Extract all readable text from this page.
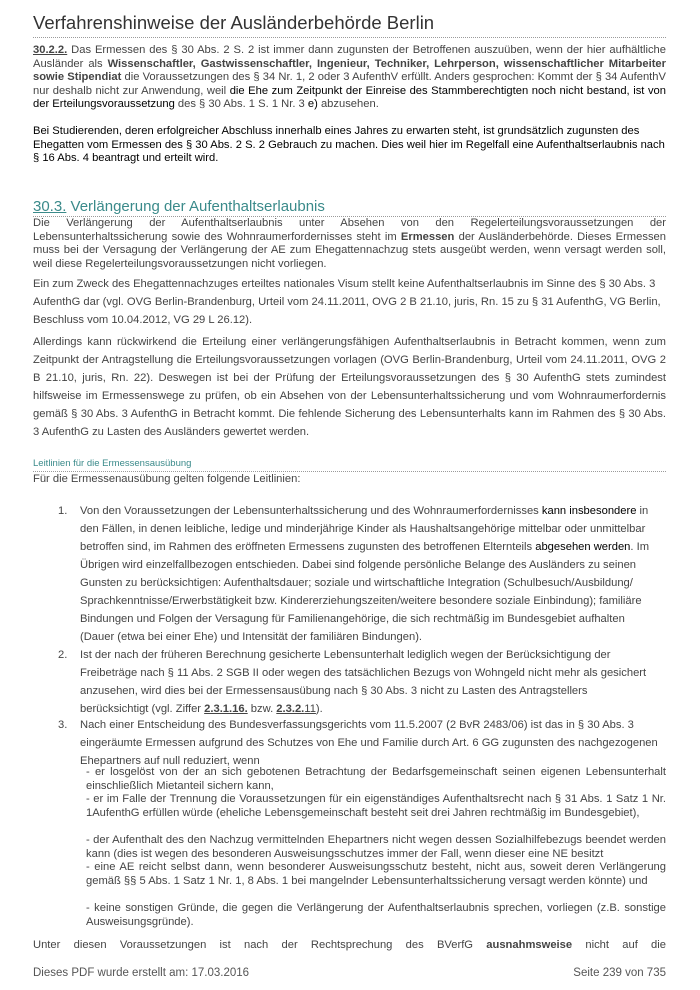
Verfahrenshinweise der Ausländerbehörde Berlin

30.2.2. Das Ermessen des § 30 Abs. 2 S. 2 ist immer dann zugunsten der Betroffenen auszuüben, wenn der hier aufhältliche Ausländer als Wissenschaftler, Gastwissenschaftler, Ingenieur, Techniker, Lehrperson, wissenschaftlicher Mitarbeiter sowie Stipendiat die Voraussetzungen des § 34 Nr. 1, 2 oder 3 AufenthV erfüllt. Anders gesprochen: Kommt der § 34 AufenthV nur deshalb nicht zur Anwendung, weil die Ehe zum Zeitpunkt der Einreise des Stammberechtigten noch nicht bestand, ist von der Erteilungsvoraussetzung des § 30 Abs. 1 S. 1 Nr. 3 e) abzusehen.

Bei Studierenden, deren erfolgreicher Abschluss innerhalb eines Jahres zu erwarten steht, ist grundsätzlich zugunsten des Ehegatten vom Ermessen des § 30 Abs. 2 S. 2 Gebrauch zu machen. Dies weil hier im Regelfall eine Aufenthaltserlaubnis nach § 16 Abs. 4 beantragt und erteilt wird.

30.3. Verlängerung der Aufenthaltserlaubnis

Die Verlängerung der Aufenthaltserlaubnis unter Absehen von den Regelerteilungsvoraussetzungen der Lebensunterhaltssicherung sowie des Wohnraumerfordernisses steht im Ermessen der Ausländerbehörde. Dieses Ermessen muss bei der Versagung der Verlängerung der AE zum Ehegattennachzug stets ausgeübt werden, wenn versagt werden soll, weil diese Regelerteilungsvoraussetzungen nicht vorliegen.

Ein zum Zweck des Ehegattennachzuges erteiltes nationales Visum stellt keine Aufenthaltserlaubnis im Sinne des § 30 Abs. 3 AufenthG dar (vgl. OVG Berlin-Brandenburg, Urteil vom 24.11.2011, OVG 2 B 21.10, juris, Rn. 15 zu § 31 AufenthG, VG Berlin, Beschluss vom 10.04.2012, VG 29 L 26.12).

Allerdings kann rückwirkend die Erteilung einer verlängerungsfähigen Aufenthaltserlaubnis in Betracht kommen, wenn zum Zeitpunkt der Antragstellung die Erteilungsvoraussetzungen vorlagen (OVG Berlin-Brandenburg, Urteil vom 24.11.2011, OVG 2 B 21.10, juris, Rn. 22). Deswegen ist bei der Prüfung der Erteilungsvoraussetzungen des § 30 AufenthG stets zumindest hilfsweise im Ermessenswege zu prüfen, ob ein Absehen von der Lebensunterhaltssicherung und vom Wohnraumerfordernis gemäß § 30 Abs. 3 AufenthG in Betracht kommt. Die fehlende Sicherung des Lebensunterhalts kann im Rahmen des § 30 Abs. 3 AufenthG zu Lasten des Ausländers gewertet werden.

Leitlinien für die Ermessensausübung

Für die Ermessenausübung gelten folgende Leitlinien:

1. Von den Voraussetzungen der Lebensunterhaltssicherung und des Wohnraumerfordernisses kann insbesondere in den Fällen, in denen leibliche, ledige und minderjährige Kinder als Haushaltsangehörige mittelbar oder unmittelbar betroffen sind, im Rahmen des eröffneten Ermessens zugunsten des betroffenen Elternteils abgesehen werden. Im Übrigen wird einzelfallbezogen entschieden. Dabei sind folgende persönliche Belange des Ausländers zu seinen Gunsten zu berücksichtigen: Aufenthaltsdauer; soziale und wirtschaftliche Integration (Schulbesuch/Ausbildung/ Sprachkenntnisse/Erwerbstätigkeit bzw. Kindererziehungszeiten/weitere besondere soziale Einbindung); familiäre Bindungen und Folgen der Versagung für Familienangehörige, die sich rechtmäßig im Bundesgebiet aufhalten (Dauer (etwa bei einer Ehe) und Intensität der familiären Bindungen).

2. Ist der nach der früheren Berechnung gesicherte Lebensunterhalt lediglich wegen der Berücksichtigung der Freibeträge nach § 11 Abs. 2 SGB II oder wegen des tatsächlichen Bezugs von Wohngeld nicht mehr als gesichert anzusehen, wird dies bei der Ermessensausübung nach § 30 Abs. 3 nicht zu Lasten des Antragstellers berücksichtigt (vgl. Ziffer 2.3.1.16. bzw. 2.3.2.11).

3. Nach einer Entscheidung des Bundesverfassungsgerichts vom 11.5.2007 (2 BvR 2483/06) ist das in § 30 Abs. 3 eingeräumte Ermessen aufgrund des Schutzes von Ehe und Familie durch Art. 6 GG zugunsten des nachgezogenen Ehepartners auf null reduziert, wenn

- er losgelöst von der an sich gebotenen Betrachtung der Bedarfsgemeinschaft seinen eigenen Lebensunterhalt einschließlich Mietanteil sichern kann,

- er im Falle der Trennung die Voraussetzungen für ein eigenständiges Aufenthaltsrecht nach § 31 Abs. 1 Satz 1 Nr. 1AufenthG erfüllen würde (eheliche Lebensgemeinschaft besteht seit drei Jahren rechtmäßig im Bundesgebiet),

- der Aufenthalt des den Nachzug vermittelnden Ehepartners nicht wegen dessen Sozialhilfebezugs beendet werden kann (dies ist wegen des besonderen Ausweisungsschutzes immer der Fall, wenn dieser eine NE besitzt

- eine AE reicht selbst dann, wenn besonderer Ausweisungsschutz besteht, nicht aus, soweit deren Verlängerung gemäß §§ 5 Abs. 1 Satz 1 Nr. 1, 8 Abs. 1 bei mangelnder Lebensunterhaltssicherung versagt werden könnte) und

- keine sonstigen Gründe, die gegen die Verlängerung der Aufenthaltserlaubnis sprechen, vorliegen (z.B. sonstige Ausweisungsgründe).

Unter diesen Voraussetzungen ist nach der Rechtsprechung des BVerfG ausnahmsweise nicht auf die

Dieses PDF wurde erstellt am: 17.03.2016	Seite 239 von 735
